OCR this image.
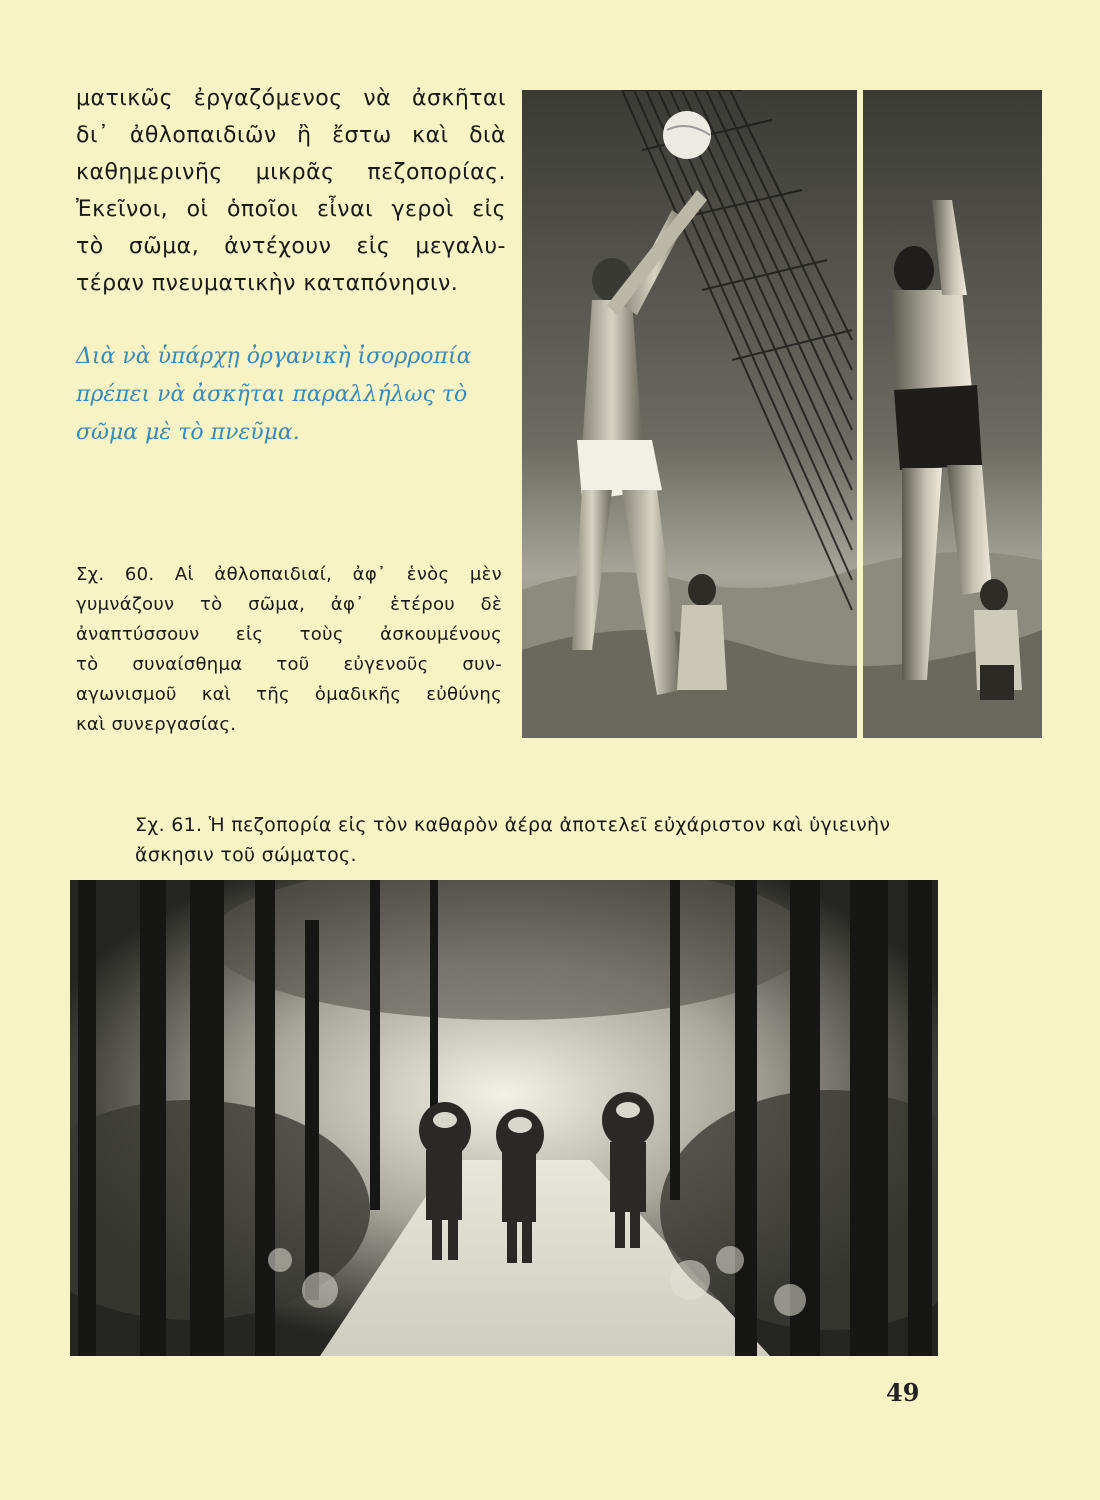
ματικῶς ἐργαζόμενος νὰ ἀσκῆται
δι᾿ ἀθλοπαιδιῶν ἢ ἔστω καὶ διὰ
καθημερινῆς μικρᾶς πεζοπορίας.
Ἐκεῖνοι, οἱ ὁποῖοι εἶναι γεροὶ εἰς
τὸ σῶμα, ἀντέχουν εἰς μεγαλυ-
τέραν πνευματικὴν καταπόνησιν.
Διὰ νὰ ὑπάρχῃ ὀργανικὴ ἰσορροπία
πρέπει νὰ ἀσκῆται παραλλήλως τὸ
σῶμα μὲ τὸ πνεῦμα.
Σχ. 60. Αἱ ἀθλοπαιδιαί, ἀφ᾿ ἑνὸς μὲν
γυμνάζουν τὸ σῶμα, ἀφ᾿ ἑτέρου δὲ
ἀναπτύσσουν εἰς τοὺς ἀσκουμένους
τὸ συναίσθημα τοῦ εὐγενοῦς συν-
αγωνισμοῦ καὶ τῆς ὁμαδικῆς εὐθύνης
καὶ συνεργασίας.
Σχ. 61. Ἡ πεζοπορία εἰς τὸν καθαρὸν ἀέρα ἀποτελεῖ εὐχάριστον καὶ ὑγιεινὴν
ἄσκησιν τοῦ σώματος.
49
